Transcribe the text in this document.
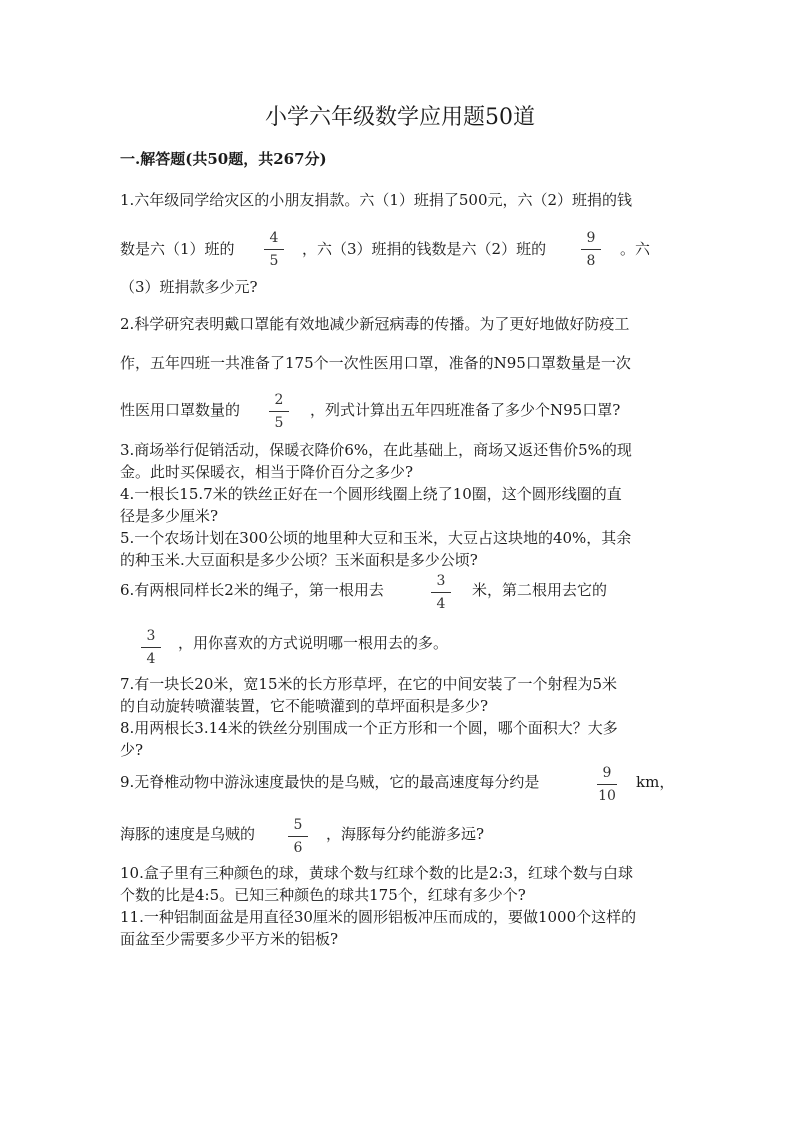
小学六年级数学应用题50道
一.解答题(共50题，共267分)
1.六年级同学给灾区的小朋友捐款。六（1）班捐了500元，六（2）班捐的钱
数是六（1）班的
4
5
，六（3）班捐的钱数是六（2）班的
9
8
。六
（3）班捐款多少元?
2.科学研究表明戴口罩能有效地减少新冠病毒的传播。为了更好地做好防疫工
作，五年四班一共准备了175个一次性医用口罩，准备的N95口罩数量是一次
性医用口罩数量的
2
5
，列式计算出五年四班准备了多少个N95口罩?
3.商场举行促销活动，保暖衣降价6%，在此基础上，商场又返还售价5%的现
金。此时买保暖衣，相当于降价百分之多少?
4.一根长15.7米的铁丝正好在一个圆形线圈上绕了10圈，这个圆形线圈的直
径是多少厘米?
5.一个农场计划在300公顷的地里种大豆和玉米，大豆占这块地的40%，其余
的种玉米.大豆面积是多少公顷？玉米面积是多少公顷?
6.有两根同样长2米的绳子，第一根用去	3
4
米，第二根用去它的
3
4
，用你喜欢的方式说明哪一根用去的多。
7.有一块长20米，宽15米的长方形草坪，在它的中间安装了一个射程为5米
的自动旋转喷灌装置，它不能喷灌到的草坪面积是多少?
8.用两根长3.14米的铁丝分别围成一个正方形和一个圆，哪个面积大？大多
少?
9.无脊椎动物中游泳速度最快的是乌贼，它的最高速度每分约是	9
10
km，
海豚的速度是乌贼的	5
6
，海豚每分约能游多远?
10.盒子里有三种颜色的球，黄球个数与红球个数的比是2:3，红球个数与白球
个数的比是4:5。已知三种颜色的球共175个，红球有多少个?
11.一种铝制面盆是用直径30厘米的圆形铝板冲压而成的，要做1000个这样的
面盆至少需要多少平方米的铝板?
